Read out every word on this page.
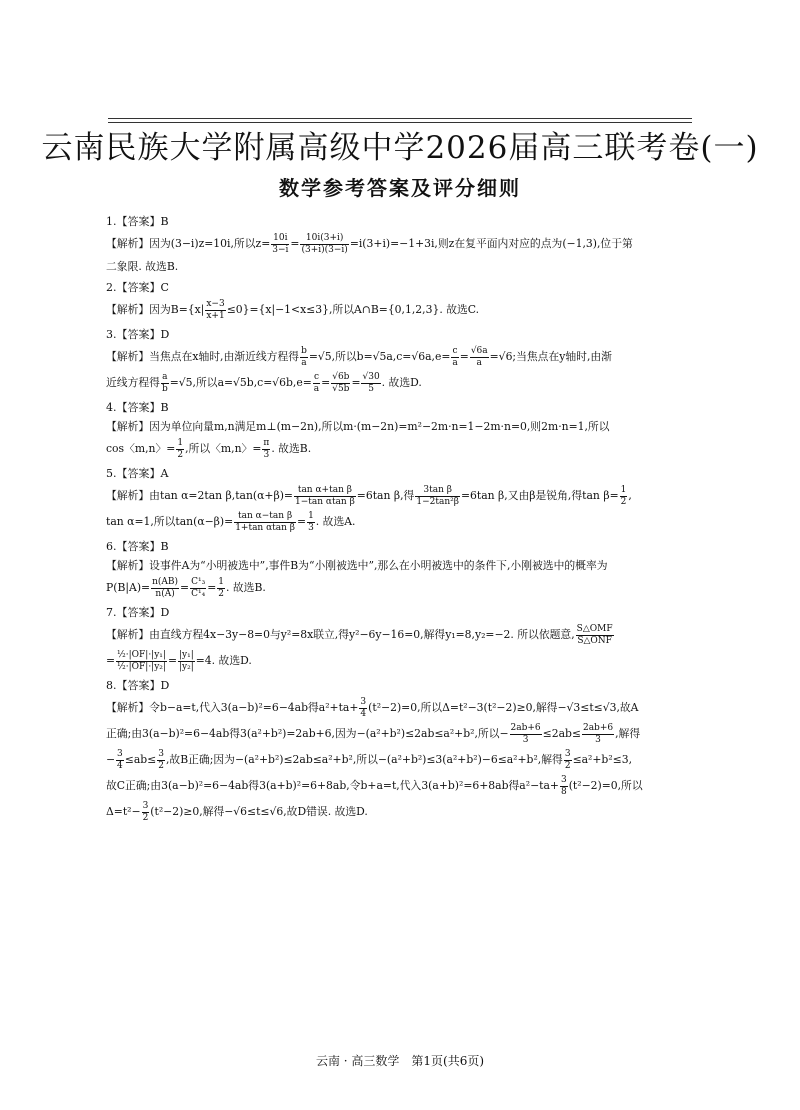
云南民族大学附属高级中学2026届高三联考卷(一)
数学参考答案及评分细则
1.【答案】B
【解析】因为(3−i)z=10i,所以$z= \frac{10i}{3-i} = \frac{10i(3+i)}{(3+i)(3-i)} =i(3+i)=-1+3i$,则z在复平面内对应的点为(−1,3),位于第
二象限. 故选B.
2.【答案】C
【解析】因为$B=\{x| \frac{x-3}{x+1} \le 0\}=\{x|-1<x\le 3\}$,所以A∩B={0,1,2,3}. 故选C.
3.【答案】D
【解析】当焦点在x轴时,由渐近线方程得 $\frac{b}{a} =√5$,所以$b=√5a,c=√6a,e= \frac{c}{a} = \frac{√6a}{a} =√6$;当焦点在y轴时,由渐
近线方程得 $\frac{a}{b} =√5$,所以$a=√5b,c=√6b,e= \frac{c}{a} = \frac{√6b}{√5b} = \frac{√30}{5}$ . 故选D.
4.【答案】B
【解析】因为单位向量m,n满足m⊥(m−2n),所以m·(m−2n)=m²−2m·n=1−2m·n=0,则2m·n=1,所以
cos〈m,n〉= $\frac{1}{2}$ ,所以〈m,n〉= $\frac{\pi}{3}$ . 故选B.
5.【答案】A
【解析】由tan α=2tan $\beta,\tan(\alpha+\beta)= \frac{\text{tan α+tan β}}{\text{1−tan αtan β}} =6\tan$ β,得 $\frac{\text{3tan β}}{\text{1−2tan²β}} =6\tan$ β,又由β是锐角,得$\tan \beta= \frac{1}{2}$ ,
tan α=1,所以$\tan(\alpha-\beta)= \frac{\text{tan α−tan β}}{\text{1+tan αtan β}} = \frac{1}{3}$ . 故选A.
6.【答案】B
【解析】设事件A为“小明被选中”,事件B为“小刚被选中”,那么在小明被选中的条件下,小刚被选中的概率为
$P(B|A)= \frac{n(AB)}{n(A)} = \frac{\text{C¹₃}}{\text{C¹₄}} = \frac{1}{2}$ . 故选B.
7.【答案】D
【解析】由直线方程4x−3y−8=0与y²=8x联立,得y²−6y−16=0,解得y₁=8,y₂=−2. 所以依题意, $\frac{\text{S△OMF}}{\text{S△ONF}}$
= $\frac{\text{½·|OF|·|y₁|}}{\text{½·|OF|·|y₂|}} = \frac{\text{|y₁|}}{\text{|y₂|}} =4$. 故选D.
8.【答案】D
【解析】令b−a=t,代入3(a−b)²=6−4ab得$a^2+ta+ \frac{3}{4} (t^2-2)=0$,所以Δ=t²−3(t²−2)≥0,解得−√3≤t≤√3,故A
正确;由3(a−b)²=6−4ab得3(a²+b²)=2ab+6,因为−(a²+b²)≤2ab≤a²+b²,所以− $\frac{2ab+6}{3} \le 2ab\le \frac{2ab+6}{3}$ ,解得
− $\frac{3}{4} \le ab\le \frac{3}{2}$ ,故B正确;因为−(a²+b²)≤2ab≤a²+b²,所以−(a²+b²)≤3(a²+b²)−6≤a²+b²,解得 $\frac{3}{2} \le a^2+b^2\le 3$,
故C正确;由3(a−b)²=6−4ab得3(a+b)²=6+8ab,令b+a=t,代入3(a+b)²=6+8ab得$a^2-ta+ \frac{3}{8} (t^2-2)=0$,所以
$\Delta=t^2- \frac{3}{2} (t^2-2)\ge 0$,解得−√6≤t≤√6,故D错误. 故选D.
云南 · 高三数学　第1页(共6页)
